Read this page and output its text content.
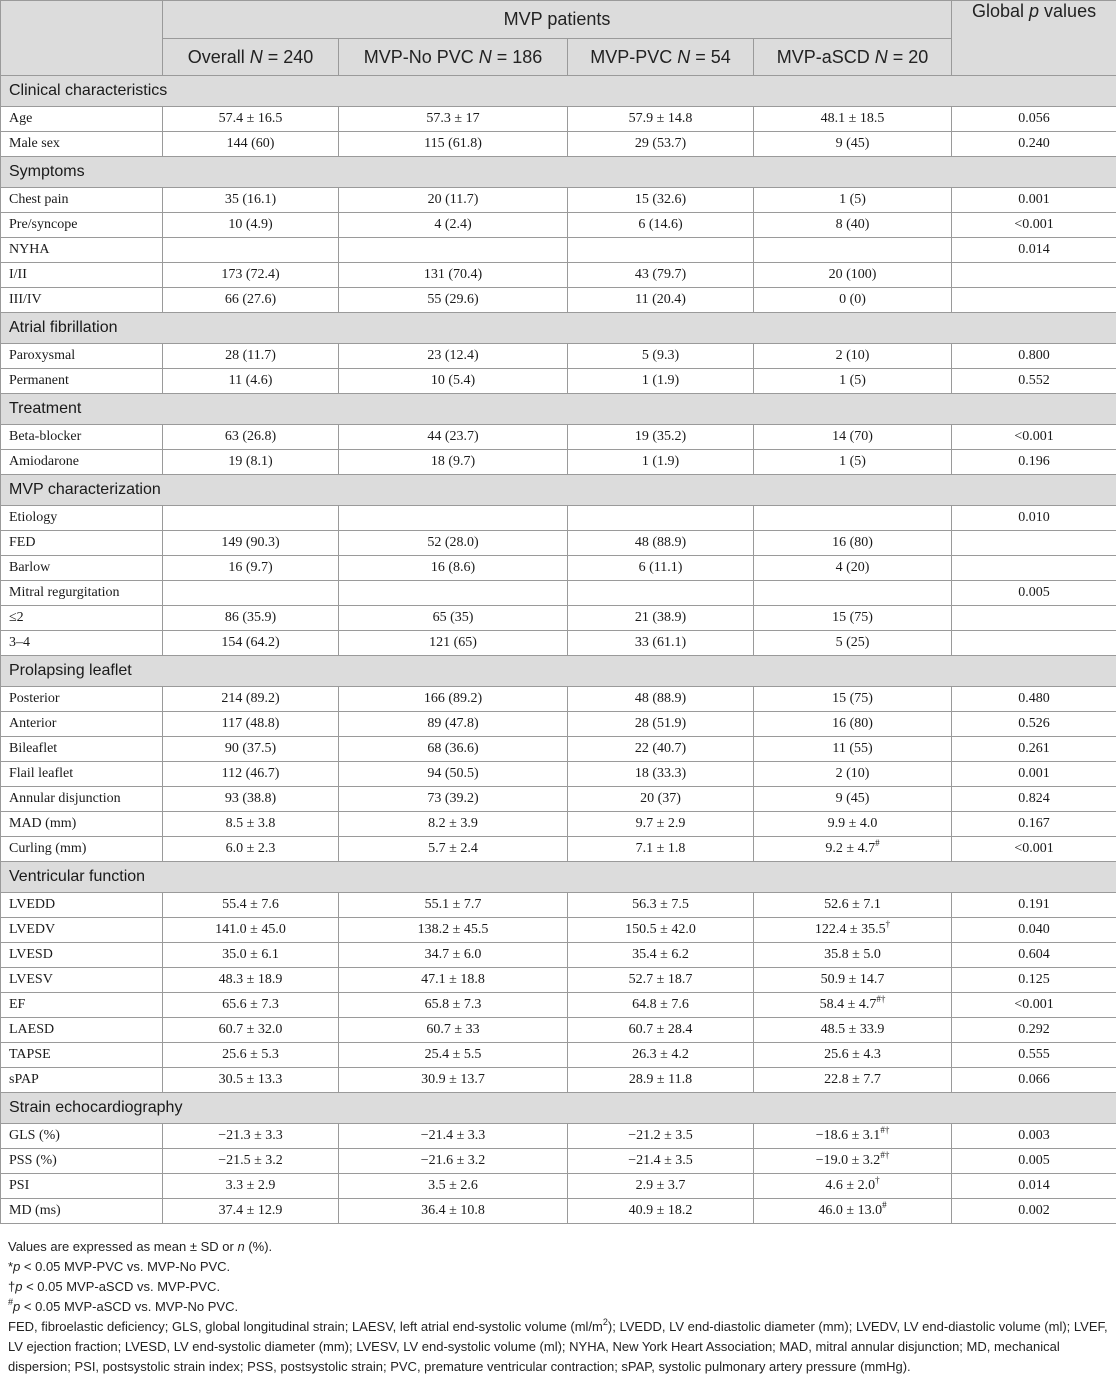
	MVP patients				Global p values
	Overall N = 240	MVP-No PVC N = 186	MVP-PVC N = 54	MVP-aSCD N = 20	
Clinical characteristics					
Age	57.4 ± 16.5	57.3 ± 17	57.9 ± 14.8	48.1 ± 18.5	0.056
Male sex	144 (60)	115 (61.8)	29 (53.7)	9 (45)	0.240
Symptoms					
Chest pain	35 (16.1)	20 (11.7)	15 (32.6)	1 (5)	0.001
Pre/syncope	10 (4.9)	4 (2.4)	6 (14.6)	8 (40)	<0.001
NYHA					0.014
I/II	173 (72.4)	131 (70.4)	43 (79.7)	20 (100)	
III/IV	66 (27.6)	55 (29.6)	11 (20.4)	0 (0)	
Atrial fibrillation					
Paroxysmal	28 (11.7)	23 (12.4)	5 (9.3)	2 (10)	0.800
Permanent	11 (4.6)	10 (5.4)	1 (1.9)	1 (5)	0.552
Treatment					
Beta-blocker	63 (26.8)	44 (23.7)	19 (35.2)	14 (70)	<0.001
Amiodarone	19 (8.1)	18 (9.7)	1 (1.9)	1 (5)	0.196
MVP characterization					
Etiology					0.010
FED	149 (90.3)	52 (28.0)	48 (88.9)	16 (80)	
Barlow	16 (9.7)	16 (8.6)	6 (11.1)	4 (20)	
Mitral regurgitation					0.005
≤2	86 (35.9)	65 (35)	21 (38.9)	15 (75)	
3–4	154 (64.2)	121 (65)	33 (61.1)	5 (25)	
Prolapsing leaflet					
Posterior	214 (89.2)	166 (89.2)	48 (88.9)	15 (75)	0.480
Anterior	117 (48.8)	89 (47.8)	28 (51.9)	16 (80)	0.526
Bileaflet	90 (37.5)	68 (36.6)	22 (40.7)	11 (55)	0.261
Flail leaflet	112 (46.7)	94 (50.5)	18 (33.3)	2 (10)	0.001
Annular disjunction	93 (38.8)	73 (39.2)	20 (37)	9 (45)	0.824
MAD (mm)	8.5 ± 3.8	8.2 ± 3.9	9.7 ± 2.9	9.9 ± 4.0	0.167
Curling (mm)	6.0 ± 2.3	5.7 ± 2.4	7.1 ± 1.8	9.2 ± 4.7#	<0.001
Ventricular function					
LVEDD	55.4 ± 7.6	55.1 ± 7.7	56.3 ± 7.5	52.6 ± 7.1	0.191
LVEDV	141.0 ± 45.0	138.2 ± 45.5	150.5 ± 42.0	122.4 ± 35.5†	0.040
LVESD	35.0 ± 6.1	34.7 ± 6.0	35.4 ± 6.2	35.8 ± 5.0	0.604
LVESV	48.3 ± 18.9	47.1 ± 18.8	52.7 ± 18.7	50.9 ± 14.7	0.125
EF	65.6 ± 7.3	65.8 ± 7.3	64.8 ± 7.6	58.4 ± 4.7#†	<0.001
LAESD	60.7 ± 32.0	60.7 ± 33	60.7 ± 28.4	48.5 ± 33.9	0.292
TAPSE	25.6 ± 5.3	25.4 ± 5.5	26.3 ± 4.2	25.6 ± 4.3	0.555
sPAP	30.5 ± 13.3	30.9 ± 13.7	28.9 ± 11.8	22.8 ± 7.7	0.066
Strain echocardiography					
GLS (%)	−21.3 ± 3.3	−21.4 ± 3.3	−21.2 ± 3.5	−18.6 ± 3.1#†	0.003
PSS (%)	−21.5 ± 3.2	−21.6 ± 3.2	−21.4 ± 3.5	−19.0 ± 3.2#†	0.005
PSI	3.3 ± 2.9	3.5 ± 2.6	2.9 ± 3.7	4.6 ± 2.0†	0.014
MD (ms)	37.4 ± 12.9	36.4 ± 10.8	40.9 ± 18.2	46.0 ± 13.0#	0.002

Values are expressed as mean ± SD or n (%).

*p < 0.05 MVP-PVC vs. MVP-No PVC.

†p < 0.05 MVP-aSCD vs. MVP-PVC.

#p < 0.05 MVP-aSCD vs. MVP-No PVC.

FED, fibroelastic deficiency; GLS, global longitudinal strain; LAESV, left atrial end-systolic volume $(ml/m^2)$; LVEDD, LV end-diastolic diameter (mm); LVEDV, LV end-diastolic volume (ml); LVEF, LV ejection fraction; LVESD, LV end-systolic diameter (mm); LVESV, LV end-systolic volume (ml); NYHA, New York Heart Association; MAD, mitral annular disjunction; MD, mechanical dispersion; PSI, postsystolic strain index; PSS, postsystolic strain; PVC, premature ventricular contraction; sPAP, systolic pulmonary artery pressure (mmHg).
